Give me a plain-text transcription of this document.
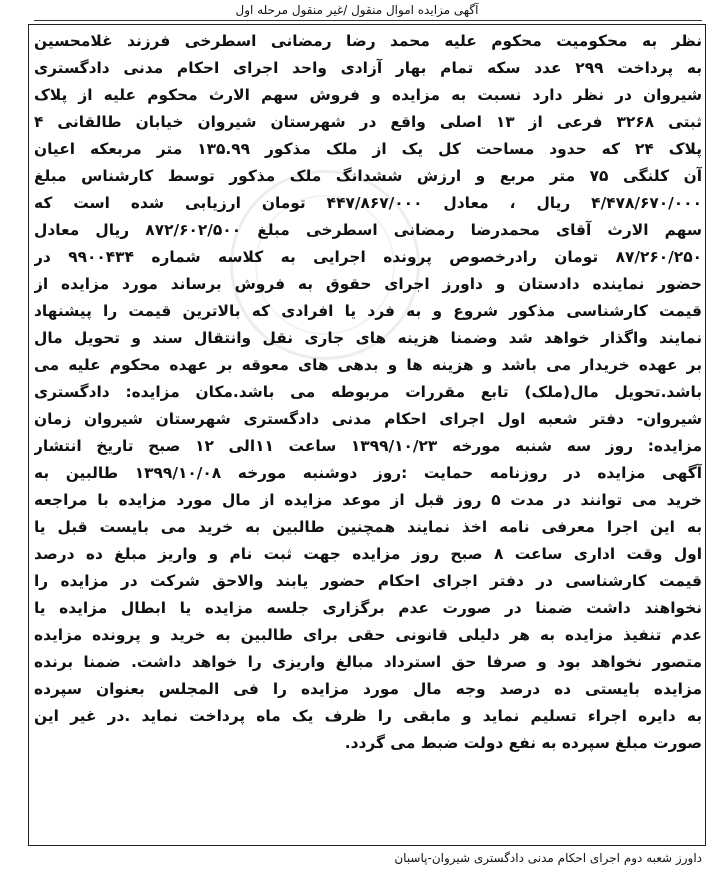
آگهی مزایده اموال منقول /غیر منقول مرحله اول
نظر به محکومیت محکوم علیه محمد رضا رمضانی اسطرخی فرزند غلامحسین
به پرداخت ۲۹۹ عدد سکه تمام بهار آزادی واحد اجرای احکام مدنی دادگستری
شیروان در نظر دارد نسبت به مزایده و فروش سهم الارث محکوم علیه از پلاک
ثبتی ۳۲۶۸ فرعی از ۱۳ اصلی واقع در شهرستان شیروان خیابان طالقانی ۴
پلاک ۲۴ که حدود مساحت کل یک از ملک مذکور ۱۳۵.۹۹ متر مربعکه اعیان
آن کلنگی ۷۵ متر مربع و ارزش ششدانگ ملک مذکور توسط کارشناس مبلغ
۴/۴۷۸/۶۷۰/۰۰۰ ریال ، معادل ۴۴۷/۸۶۷/۰۰۰ تومان ارزیابی شده است که
سهم الارث آقای محمدرضا رمضانی اسطرخی مبلغ ۸۷۲/۶۰۲/۵۰۰ ریال معادل
۸۷/۲۶۰/۲۵۰ تومان رادرخصوص پرونده اجرایی به کلاسه شماره ۹۹۰۰۴۳۴ در
حضور نماینده دادستان و داورز اجرای حقوق به فروش برساند مورد مزایده از
قیمت کارشناسی مذکور شروع و به فرد یا افرادی که بالاترین قیمت را پیشنهاد
نمایند واگذار خواهد شد وضمنا هزینه های جاری نقل وانتقال سند و تحویل مال
بر عهده خریدار می باشد و هزینه ها و بدهی های معوقه بر عهده محکوم علیه می
باشد.تحویل مال(ملک) تابع مقررات مربوطه می باشد.مکان مزایده: دادگستری
شیروان- دفتر شعبه اول اجرای احکام مدنی دادگستری شهرستان شیروان زمان
مزایده: روز سه شنبه مورخه ۱۳۹۹/۱۰/۲۳ ساعت ۱۱الی ۱۲ صبح تاریخ انتشار
آگهی مزایده در روزنامه حمایت :روز دوشنبه مورخه ۱۳۹۹/۱۰/۰۸ طالبین به
خرید می توانند در مدت ۵ روز قبل از موعد مزایده از مال مورد مزایده با مراجعه
به این اجرا معرفی نامه اخذ نمایند همچنین طالبین به خرید می بایست قبل یا
اول وقت اداری ساعت ۸ صبح روز مزایده جهت ثبت نام و واریز مبلغ ده درصد
قیمت کارشناسی در دفتر اجرای احکام حضور یابند والاحق شرکت در مزایده را
نخواهند داشت ضمنا در صورت عدم برگزاری جلسه مزایده یا ابطال مزایده یا
عدم تنفیذ مزایده به هر دلیلی قانونی حقی برای طالبین به خرید و پرونده مزایده
متصور نخواهد بود و صرفا حق استرداد مبالغ واریزی را خواهد داشت. ضمنا برنده
مزایده بایستی ده درصد وجه مال مورد مزایده را فی المجلس بعنوان سپرده
به دایره اجراء تسلیم نماید و مابقی را ظرف یک ماه پرداخت نماید .در غیر این
صورت مبلغ سپرده به نفع دولت ضبط می گردد.
داورز شعبه دوم اجرای احکام مدنی دادگستری شیروان-پاسبان
